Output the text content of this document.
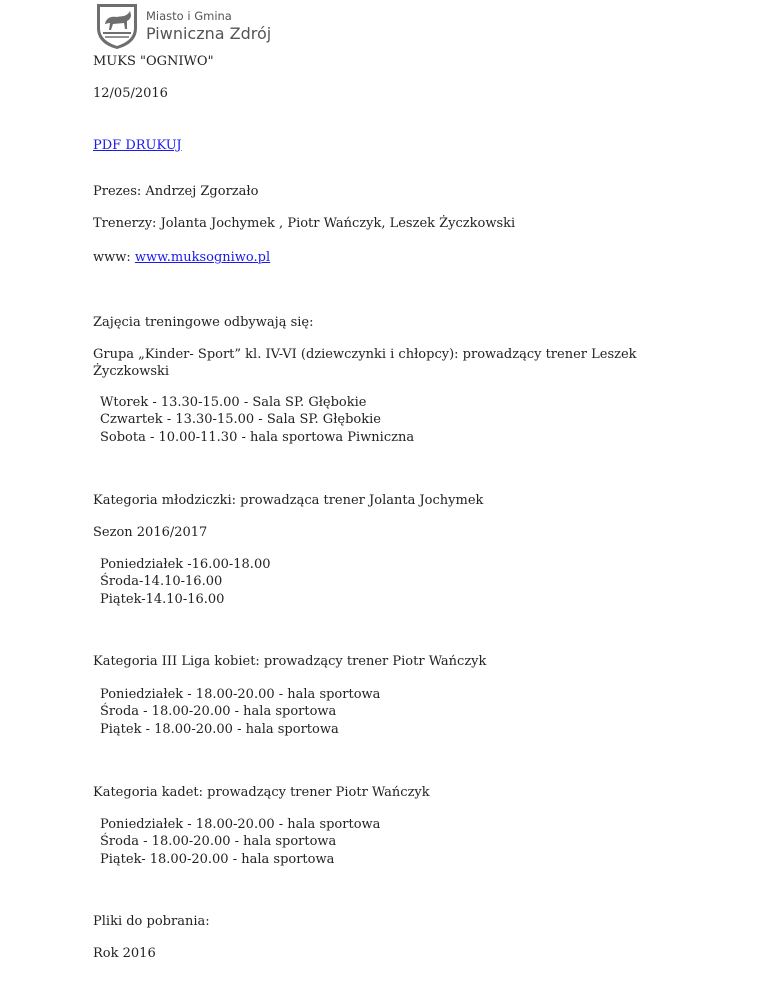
Miasto i Gmina
Piwniczna Zdrój

MUKS "OGNIWO"

12/05/2016

PDF DRUKUJ

Prezes: Andrzej Zgorzało

Trenerzy: Jolanta Jochymek , Piotr Wańczyk, Leszek Życzkowski

www: www.muksogniwo.pl

Zajęcia treningowe odbywają się:

Grupa „Kinder- Sport” kl. IV-VI (dziewczynki i chłopcy): prowadzący trener Leszek Życzkowski

Wtorek - 13.30-15.00 - Sala SP. Głębokie
Czwartek - 13.30-15.00 - Sala SP. Głębokie
Sobota - 10.00-11.30 - hala sportowa Piwniczna

Kategoria młodziczki: prowadząca trener Jolanta Jochymek

Sezon 2016/2017

Poniedziałek -16.00-18.00
Środa-14.10-16.00
Piątek-14.10-16.00

Kategoria III Liga kobiet: prowadzący trener Piotr Wańczyk

Poniedziałek - 18.00-20.00 - hala sportowa
Środa - 18.00-20.00 - hala sportowa
Piątek - 18.00-20.00 - hala sportowa

Kategoria kadet: prowadzący trener Piotr Wańczyk

Poniedziałek - 18.00-20.00 - hala sportowa
Środa - 18.00-20.00 - hala sportowa
Piątek- 18.00-20.00 - hala sportowa

Pliki do pobrania:

Rok 2016
